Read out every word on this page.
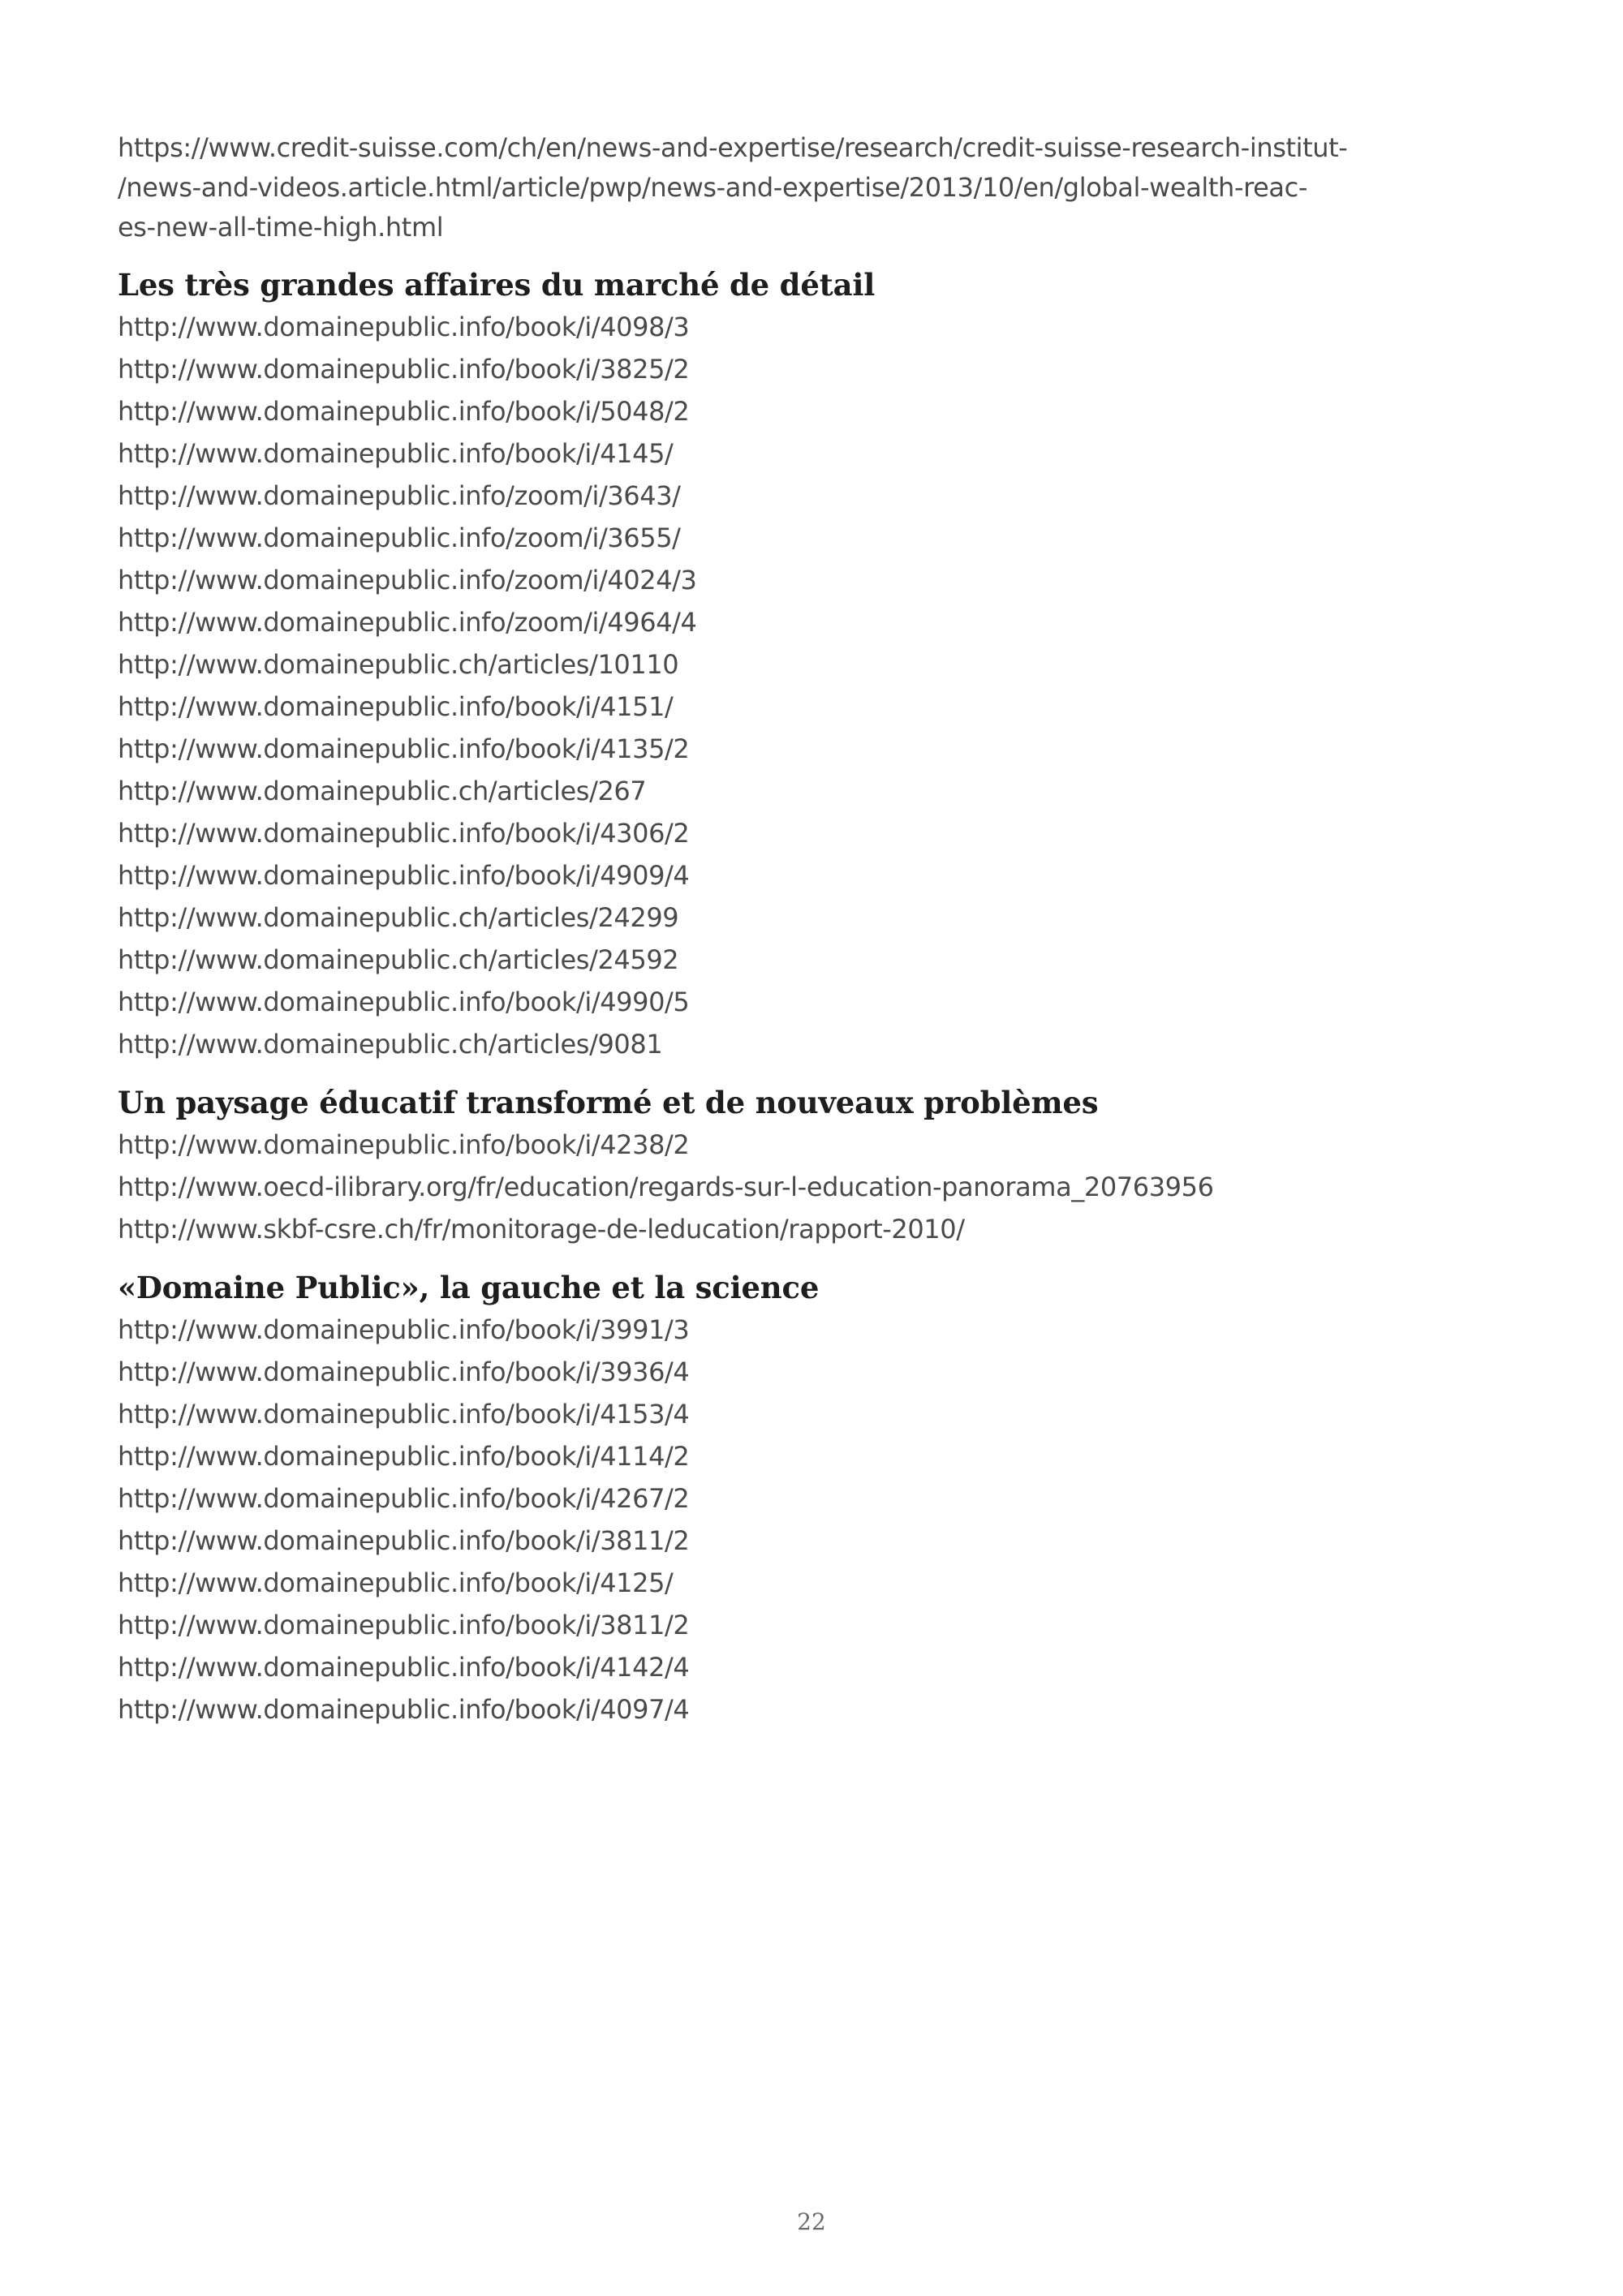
https://www.credit-suisse.com/ch/en/news-and-expertise/research/credit-suisse-research-institut-
/news-and-videos.article.html/article/pwp/news-and-expertise/2013/10/en/global-wealth-reac-
es-new-all-time-high.html

Les très grandes affaires du marché de détail
http://www.domainepublic.info/book/i/4098/3
http://www.domainepublic.info/book/i/3825/2
http://www.domainepublic.info/book/i/5048/2
http://www.domainepublic.info/book/i/4145/
http://www.domainepublic.info/zoom/i/3643/
http://www.domainepublic.info/zoom/i/3655/
http://www.domainepublic.info/zoom/i/4024/3
http://www.domainepublic.info/zoom/i/4964/4
http://www.domainepublic.ch/articles/10110
http://www.domainepublic.info/book/i/4151/
http://www.domainepublic.info/book/i/4135/2
http://www.domainepublic.ch/articles/267
http://www.domainepublic.info/book/i/4306/2
http://www.domainepublic.info/book/i/4909/4
http://www.domainepublic.ch/articles/24299
http://www.domainepublic.ch/articles/24592
http://www.domainepublic.info/book/i/4990/5
http://www.domainepublic.ch/articles/9081
Un paysage éducatif transformé et de nouveaux problèmes
http://www.domainepublic.info/book/i/4238/2
http://www.oecd-ilibrary.org/fr/education/regards-sur-l-education-panorama_20763956
http://www.skbf-csre.ch/fr/monitorage-de-leducation/rapport-2010/
«Domaine Public», la gauche et la science
http://www.domainepublic.info/book/i/3991/3
http://www.domainepublic.info/book/i/3936/4
http://www.domainepublic.info/book/i/4153/4
http://www.domainepublic.info/book/i/4114/2
http://www.domainepublic.info/book/i/4267/2
http://www.domainepublic.info/book/i/3811/2
http://www.domainepublic.info/book/i/4125/
http://www.domainepublic.info/book/i/3811/2
http://www.domainepublic.info/book/i/4142/4
http://www.domainepublic.info/book/i/4097/4
22
